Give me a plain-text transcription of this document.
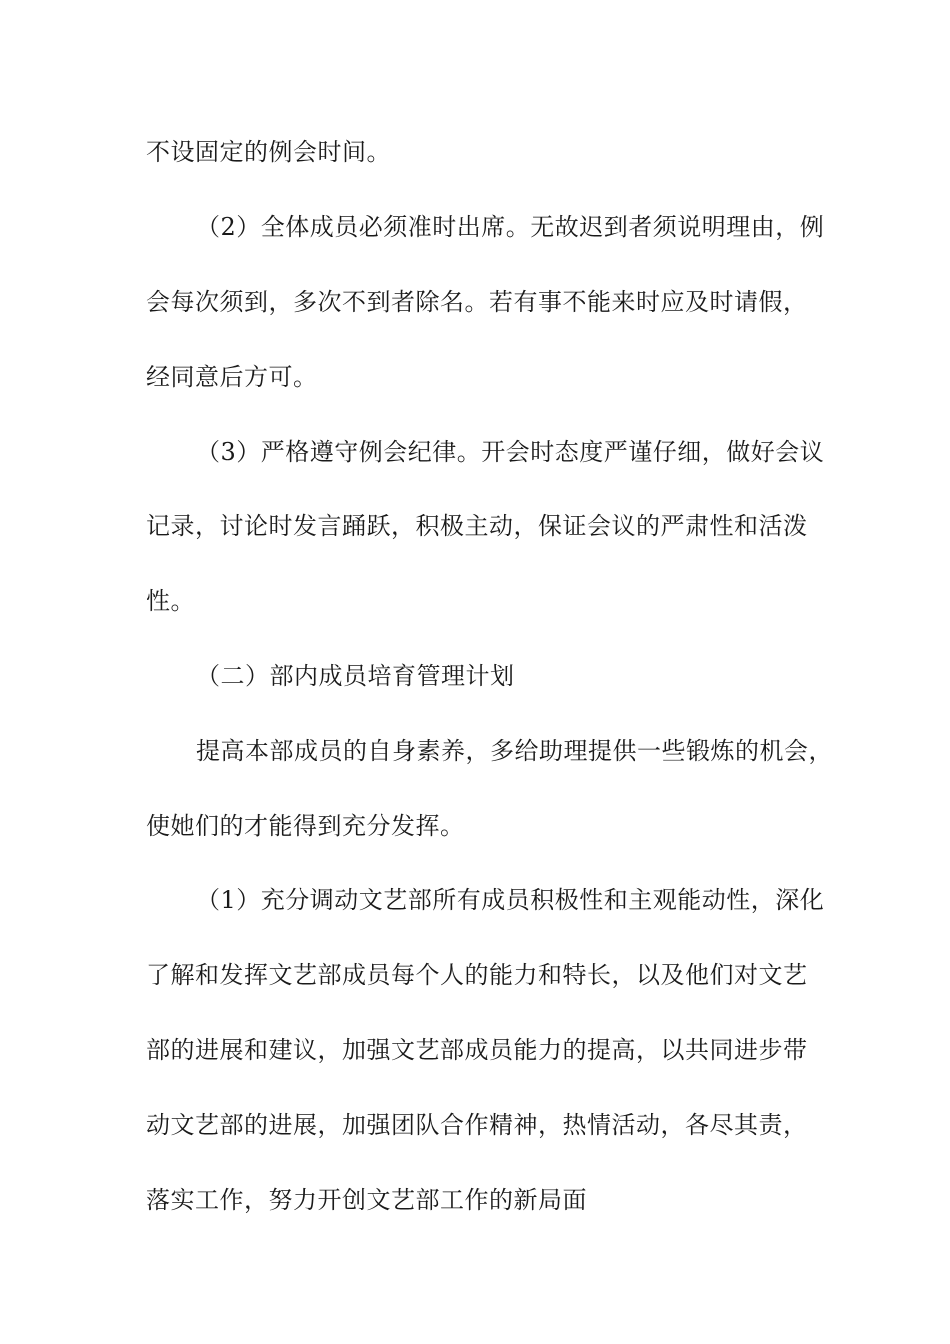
不设固定的例会时间。
（2）全体成员必须准时出席。无故迟到者须说明理由，例
会每次须到，多次不到者除名。若有事不能来时应及时请假，
经同意后方可。
（3）严格遵守例会纪律。开会时态度严谨仔细，做好会议
记录，讨论时发言踊跃，积极主动，保证会议的严肃性和活泼
性。
（二）部内成员培育管理计划
提高本部成员的自身素养，多给助理提供一些锻炼的机会，
使她们的才能得到充分发挥。
（1）充分调动文艺部所有成员积极性和主观能动性，深化
了解和发挥文艺部成员每个人的能力和特长，以及他们对文艺
部的进展和建议，加强文艺部成员能力的提高，以共同进步带
动文艺部的进展，加强团队合作精神，热情活动，各尽其责，
落实工作，努力开创文艺部工作的新局面
